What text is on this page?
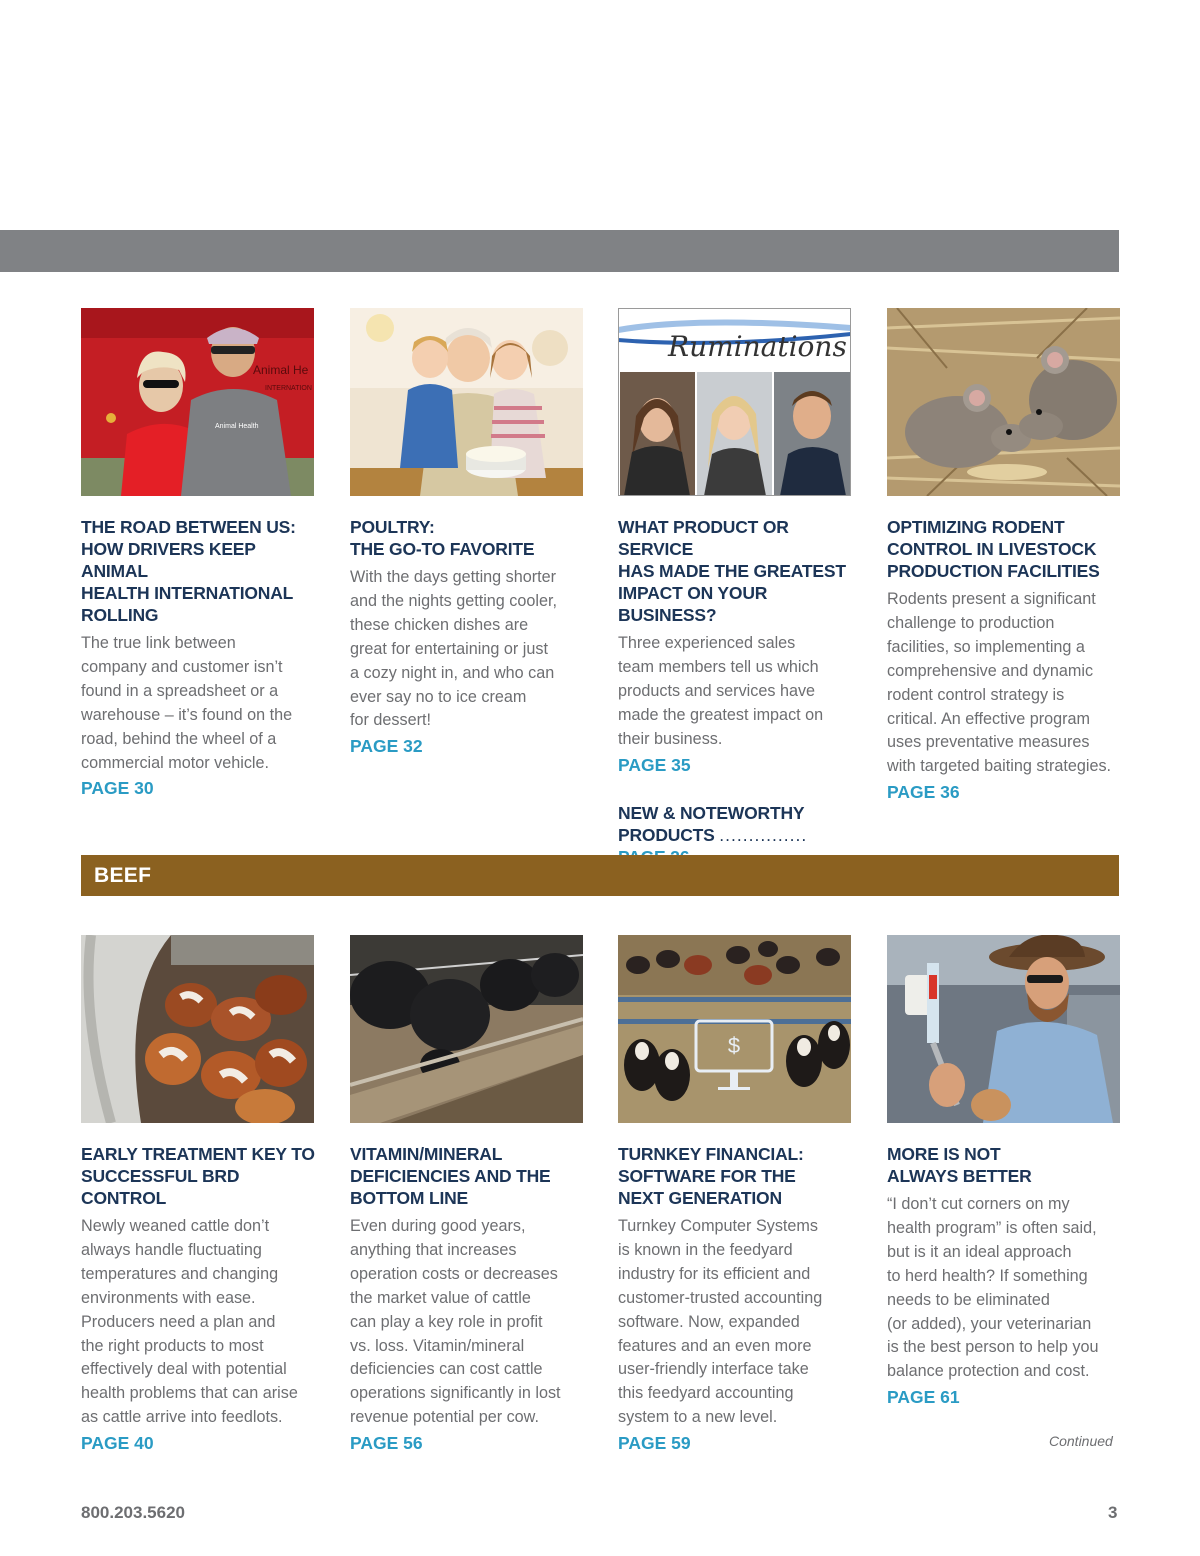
Animal He
INTERNATION
Animal Health
THE ROAD BETWEEN US:
HOW DRIVERS KEEP ANIMAL
HEALTH INTERNATIONAL
ROLLING
The true link between
company and customer isn’t
found in a spreadsheet or a
warehouse – it’s found on the
road, behind the wheel of a
commercial motor vehicle.
PAGE 30
POULTRY:
THE GO-TO FAVORITE
With the days getting shorter
and the nights getting cooler,
these chicken dishes are
great for entertaining or just
a cozy night in, and who can
ever say no to ice cream
for dessert!
PAGE 32
Ruminations
WHAT PRODUCT OR SERVICE
HAS MADE THE GREATEST
IMPACT ON YOUR BUSINESS?
Three experienced sales
team members tell us which
products and services have
made the greatest impact on
their business.
PAGE 35
NEW & NOTEWORTHY
PRODUCTS ...............
OPTIMIZING RODENT
CONTROL IN LIVESTOCK
PRODUCTION FACILITIES
Rodents present a significant
challenge to production
facilities, so implementing a
comprehensive and dynamic
rodent control strategy is
critical. An effective program
uses preventative measures
with targeted baiting strategies.
PAGE 36
BEEF
EARLY TREATMENT KEY TO
SUCCESSFUL BRD CONTROL
Newly weaned cattle don’t
always handle fluctuating
temperatures and changing
environments with ease.
Producers need a plan and
the right products to most
effectively deal with potential
health problems that can arise
as cattle arrive into feedlots.
PAGE 40
VITAMIN/MINERAL
DEFICIENCIES AND THE
BOTTOM LINE
Even during good years,
anything that increases
operation costs or decreases
the market value of cattle
can play a key role in profit
vs. loss. Vitamin/mineral
deficiencies can cost cattle
operations significantly in lost
revenue potential per cow.
PAGE 56
$
TURNKEY FINANCIAL:
SOFTWARE FOR THE
NEXT GENERATION
Turnkey Computer Systems
is known in the feedyard
industry for its efficient and
customer-trusted accounting
software. Now, expanded
features and an even more
user-friendly interface take
this feedyard accounting
system to a new level.
PAGE 59
MORE IS NOT
ALWAYS BETTER
“I don’t cut corners on my
health program” is often said,
but is it an ideal approach
to herd health? If something
needs to be eliminated
(or added), your veterinarian
is the best person to help you
balance protection and cost.
PAGE 61
Continued
800.203.5620	3
